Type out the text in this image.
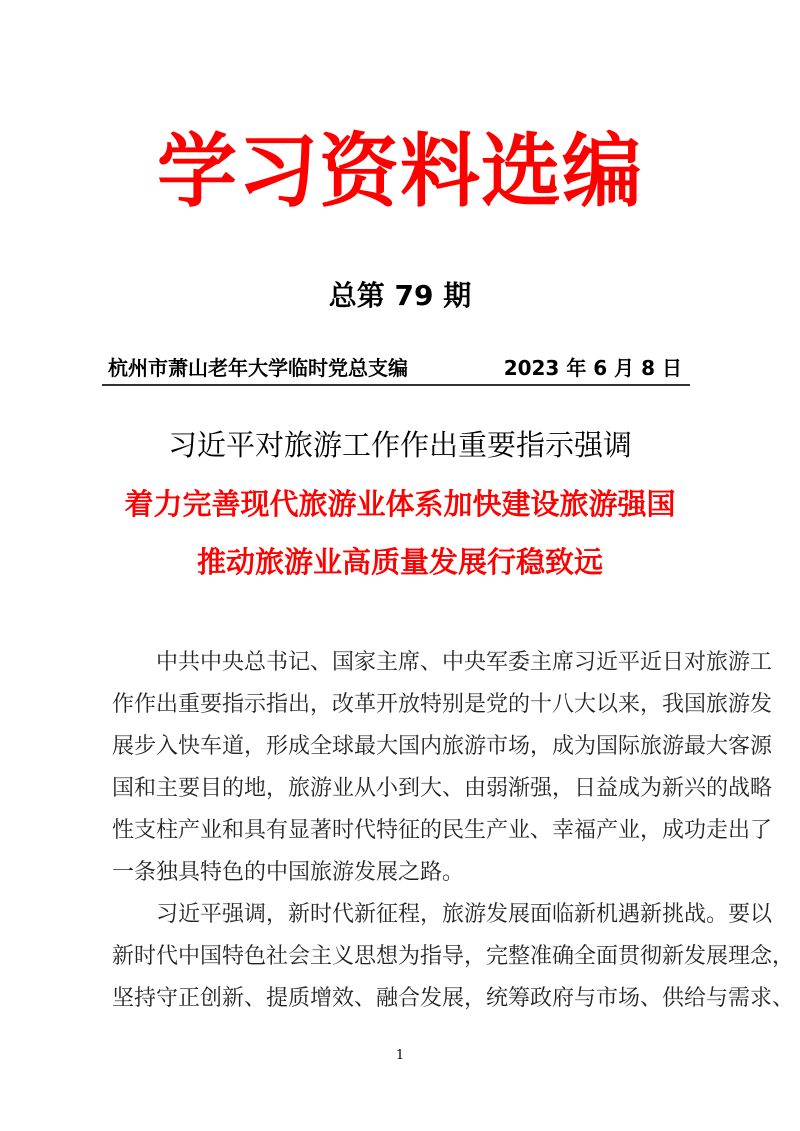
学习资料选编
总第 79 期
杭州市萧山老年大学临时党总支编	2023 年 6 月 8 日
习近平对旅游工作作出重要指示强调
着力完善现代旅游业体系加快建设旅游强国
推动旅游业高质量发展行稳致远
　　中共中央总书记、国家主席、中央军委主席习近平近日对旅游工
作作出重要指示指出，改革开放特别是党的十八大以来，我国旅游发
展步入快车道，形成全球最大国内旅游市场，成为国际旅游最大客源
国和主要目的地，旅游业从小到大、由弱渐强，日益成为新兴的战略
性支柱产业和具有显著时代特征的民生产业、幸福产业，成功走出了
一条独具特色的中国旅游发展之路。
　　习近平强调，新时代新征程，旅游发展面临新机遇新挑战。要以
新时代中国特色社会主义思想为指导，完整准确全面贯彻新发展理念，
坚持守正创新、提质增效、融合发展，统筹政府与市场、供给与需求、
1
